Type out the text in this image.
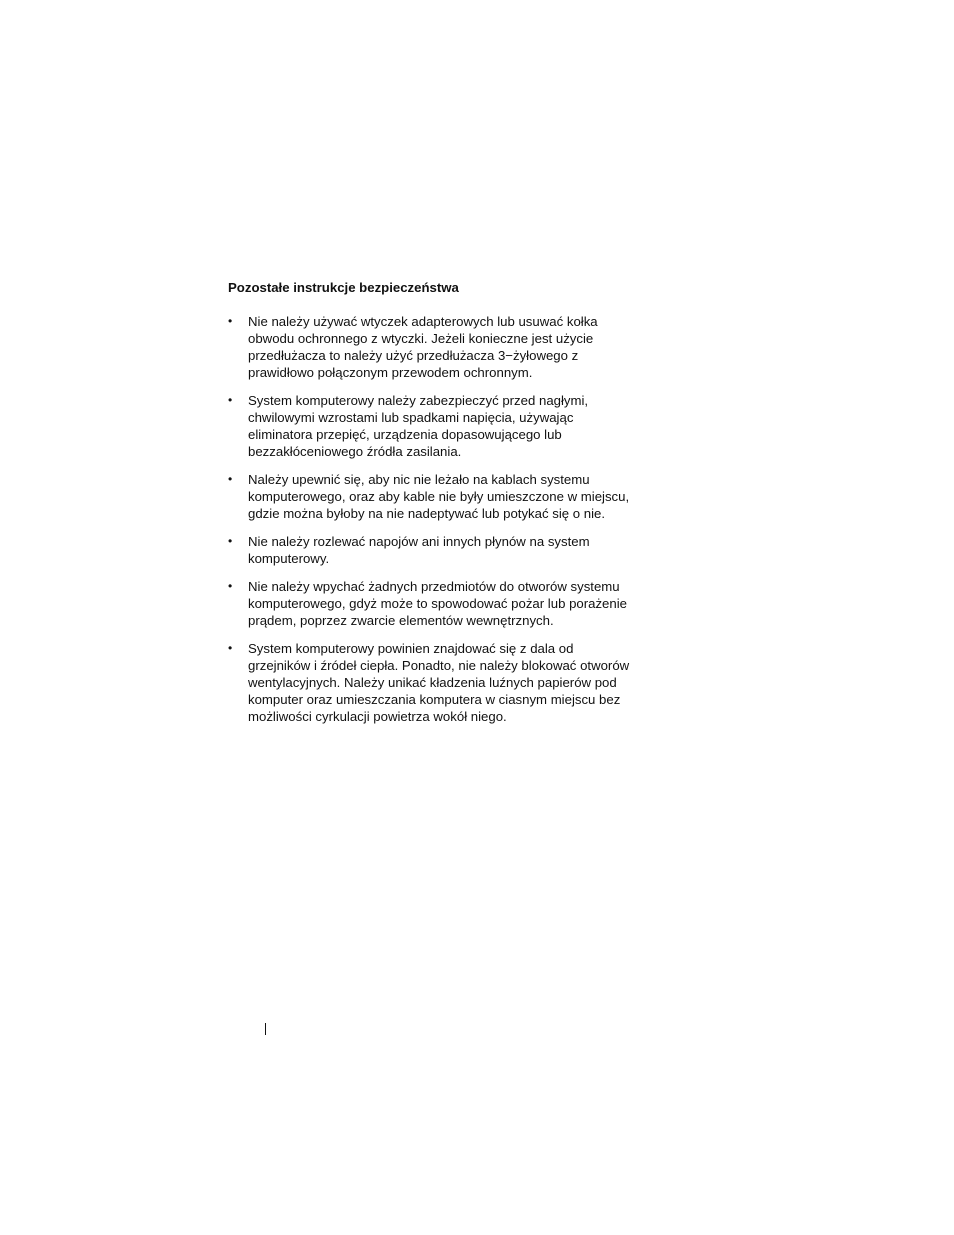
Pozostałe instrukcje bezpieczeństwa
• Nie należy używać wtyczek adapterowych lub usuwać kołka
obwodu ochronnego z wtyczki. Jeżeli konieczne jest użycie
przedłużacza to należy użyć przedłużacza 3−żyłowego z
prawidłowo połączonym przewodem ochronnym.
• System komputerowy należy zabezpieczyć przed nagłymi,
chwilowymi wzrostami lub spadkami napięcia, używając
eliminatora przepięć, urządzenia dopasowującego lub
bezzakłóceniowego źródła zasilania.
• Należy upewnić się, aby nic nie leżało na kablach systemu
komputerowego, oraz aby kable nie były umieszczone w miejscu,
gdzie można byłoby na nie nadeptywać lub potykać się o nie.
• Nie należy rozlewać napojów ani innych płynów na system
komputerowy.
• Nie należy wpychać żadnych przedmiotów do otworów systemu
komputerowego, gdyż może to spowodować pożar lub porażenie
prądem, poprzez zwarcie elementów wewnętrznych.
• System komputerowy powinien znajdować się z dala od
grzejników i źródeł ciepła. Ponadto, nie należy blokować otworów
wentylacyjnych. Należy unikać kładzenia luźnych papierów pod
komputer oraz umieszczania komputera w ciasnym miejscu bez
możliwości cyrkulacji powietrza wokół niego.
